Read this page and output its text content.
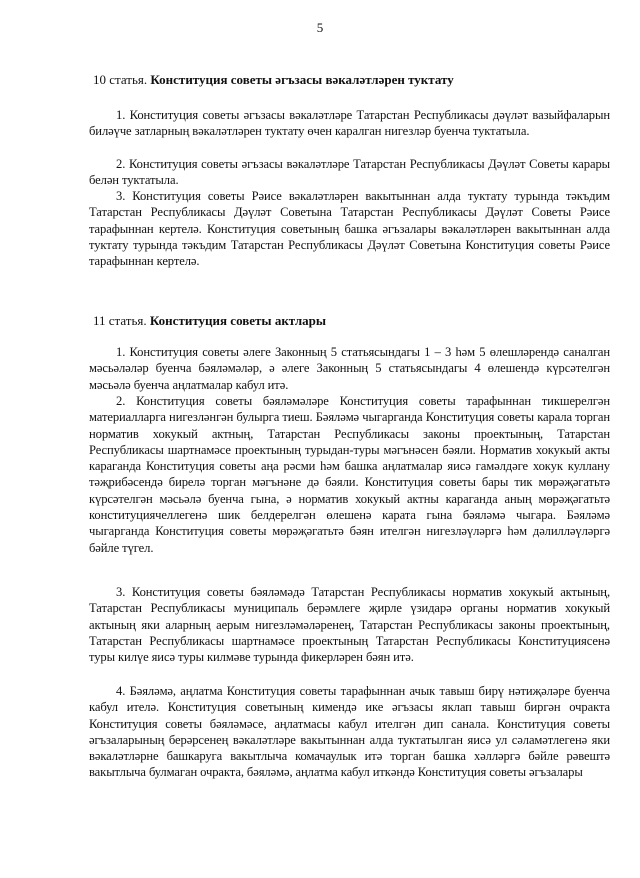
5
10 статья. Конституция советы әгъзасы вәкаләтләрен туктату
1. Конституция советы әгъзасы вәкаләтләре Татарстан Республикасы дәүләт вазыйфаларын биләүче затларның вәкаләтләрен туктату өчен каралган нигезләр буенча туктатыла.
2. Конституция советы әгъзасы вәкаләтләре Татарстан Республикасы Дәүләт Советы карары белән туктатыла.
3. Конституция советы Рәисе вәкаләтләрен вакытыннан алда туктату турында тәкъдим Татарстан Республикасы Дәүләт Советына Татарстан Республикасы Дәүләт Советы Рәисе тарафыннан кертелә. Конституция советының башка әгъзалары вәкаләтләрен вакытыннан алда туктату турында тәкъдим Татарстан Республикасы Дәүләт Советына Конституция советы Рәисе тарафыннан кертелә.
11 статья. Конституция советы актлары
1. Конституция советы әлеге Законның 5 статьясындагы 1 – 3 һәм 5 өлешләрендә саналган мәсьәләләр буенча бәяләмәләр, ә әлеге Законның 5 статьясындагы 4 өлешендә күрсәтелгән мәсьәлә буенча аңлатмалар кабул итә.
2. Конституция советы бәяләмәләре Конституция советы тарафыннан тикшерелгән материалларга нигезләнгән булырга тиеш. Бәяләмә чыгарганда Конституция советы карала торган норматив хокукый актның, Татарстан Республикасы законы проектының, Татарстан Республикасы шартнамәсе проектының турыдан-туры мәгънәсен бәяли. Норматив хокукый акты караганда Конституция советы аңа рәсми һәм башка аңлатмалар яисә гамәлдәге хокук куллану тәҗрибәсендә бирелә торган мәгънәне дә бәяли. Конституция советы бары тик мөрәҗәгатьтә күрсәтелгән мәсьәлә буенча гына, ә норматив хокукый актны караганда аның мөрәҗәгатьтә конституциячеллегенә шик белдерелгән өлешенә карата гына бәяләмә чыгара. Бәяләмә чыгарганда Конституция советы мөрәҗәгатьтә бәян ителгән нигезләүләргә һәм дәлилләүләргә бәйле түгел.
3. Конституция советы бәяләмәдә Татарстан Республикасы норматив хокукый актының, Татарстан Республикасы муниципаль берәмлеге җирле үзидарә органы норматив хокукый актының яки аларның аерым нигезләмәләренең, Татарстан Республикасы законы проектының, Татарстан Республикасы шартнамәсе проектының Татарстан Республикасы Конституциясенә туры килүе яисә туры килмәве турында фикерләрен бәян итә.
4. Бәяләмә, аңлатма Конституция советы тарафыннан ачык тавыш бирү нәтиҗәләре буенча кабул ителә. Конституция советының кимендә ике әгъзасы яклап тавыш биргән очракта Конституция советы бәяләмәсе, аңлатмасы кабул ителгән дип санала. Конституция советы әгъзаларының берәрсенең вәкаләтләре вакытыннан алда туктатылган яисә ул сәламәтлегенә яки вәкаләтләрне башкаруга вакытлыча комачаулык итә торган башка хәлләргә бәйле рәвештә вакытлыча булмаган очракта, бәяләмә, аңлатма кабул иткәндә Конституция советы әгъзалары
